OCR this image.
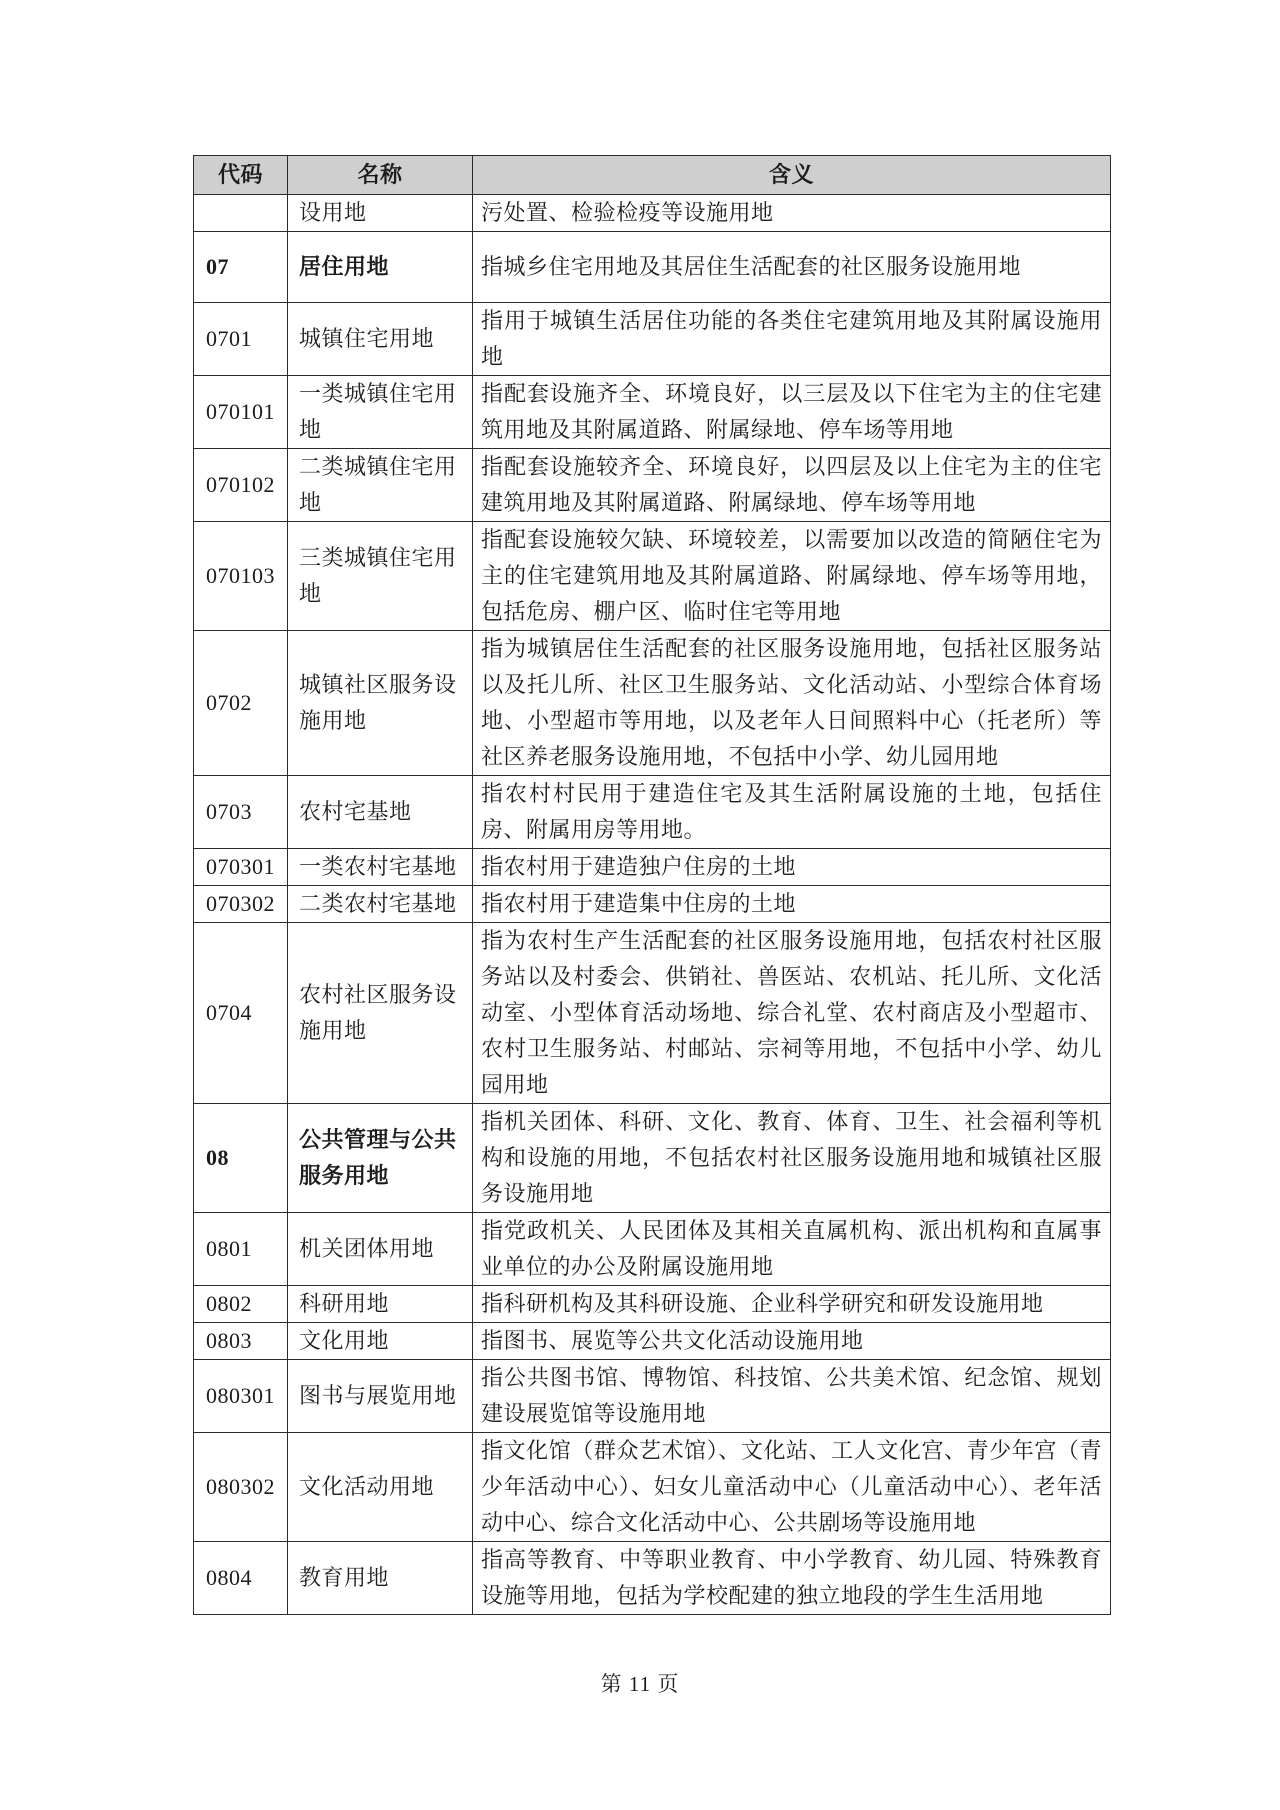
代码	名称	含义
	设用地	污处置、检验检疫等设施用地
07	居住用地	指城乡住宅用地及其居住生活配套的社区服务设施用地
0701	城镇住宅用地	指用于城镇生活居住功能的各类住宅建筑用地及其附属设施用地
070101	一类城镇住宅用地	指配套设施齐全、环境良好，以三层及以下住宅为主的住宅建筑用地及其附属道路、附属绿地、停车场等用地
070102	二类城镇住宅用地	指配套设施较齐全、环境良好，以四层及以上住宅为主的住宅建筑用地及其附属道路、附属绿地、停车场等用地
070103	三类城镇住宅用地	指配套设施较欠缺、环境较差，以需要加以改造的简陋住宅为主的住宅建筑用地及其附属道路、附属绿地、停车场等用地，包括危房、棚户区、临时住宅等用地
0702	城镇社区服务设施用地	指为城镇居住生活配套的社区服务设施用地，包括社区服务站以及托儿所、社区卫生服务站、文化活动站、小型综合体育场地、小型超市等用地，以及老年人日间照料中心（托老所）等社区养老服务设施用地，不包括中小学、幼儿园用地
0703	农村宅基地	指农村村民用于建造住宅及其生活附属设施的土地，包括住房、附属用房等用地。
070301	一类农村宅基地	指农村用于建造独户住房的土地
070302	二类农村宅基地	指农村用于建造集中住房的土地
0704	农村社区服务设施用地	指为农村生产生活配套的社区服务设施用地，包括农村社区服务站以及村委会、供销社、兽医站、农机站、托儿所、文化活动室、小型体育活动场地、综合礼堂、农村商店及小型超市、农村卫生服务站、村邮站、宗祠等用地，不包括中小学、幼儿园用地
08	公共管理与公共服务用地	指机关团体、科研、文化、教育、体育、卫生、社会福利等机构和设施的用地，不包括农村社区服务设施用地和城镇社区服务设施用地
0801	机关团体用地	指党政机关、人民团体及其相关直属机构、派出机构和直属事业单位的办公及附属设施用地
0802	科研用地	指科研机构及其科研设施、企业科学研究和研发设施用地
0803	文化用地	指图书、展览等公共文化活动设施用地
080301	图书与展览用地	指公共图书馆、博物馆、科技馆、公共美术馆、纪念馆、规划建设展览馆等设施用地
080302	文化活动用地	指文化馆（群众艺术馆）、文化站、工人文化宫、青少年宫（青少年活动中心）、妇女儿童活动中心（儿童活动中心）、老年活动中心、综合文化活动中心、公共剧场等设施用地
0804	教育用地	指高等教育、中等职业教育、中小学教育、幼儿园、特殊教育设施等用地，包括为学校配建的独立地段的学生生活用地
第 11 页
